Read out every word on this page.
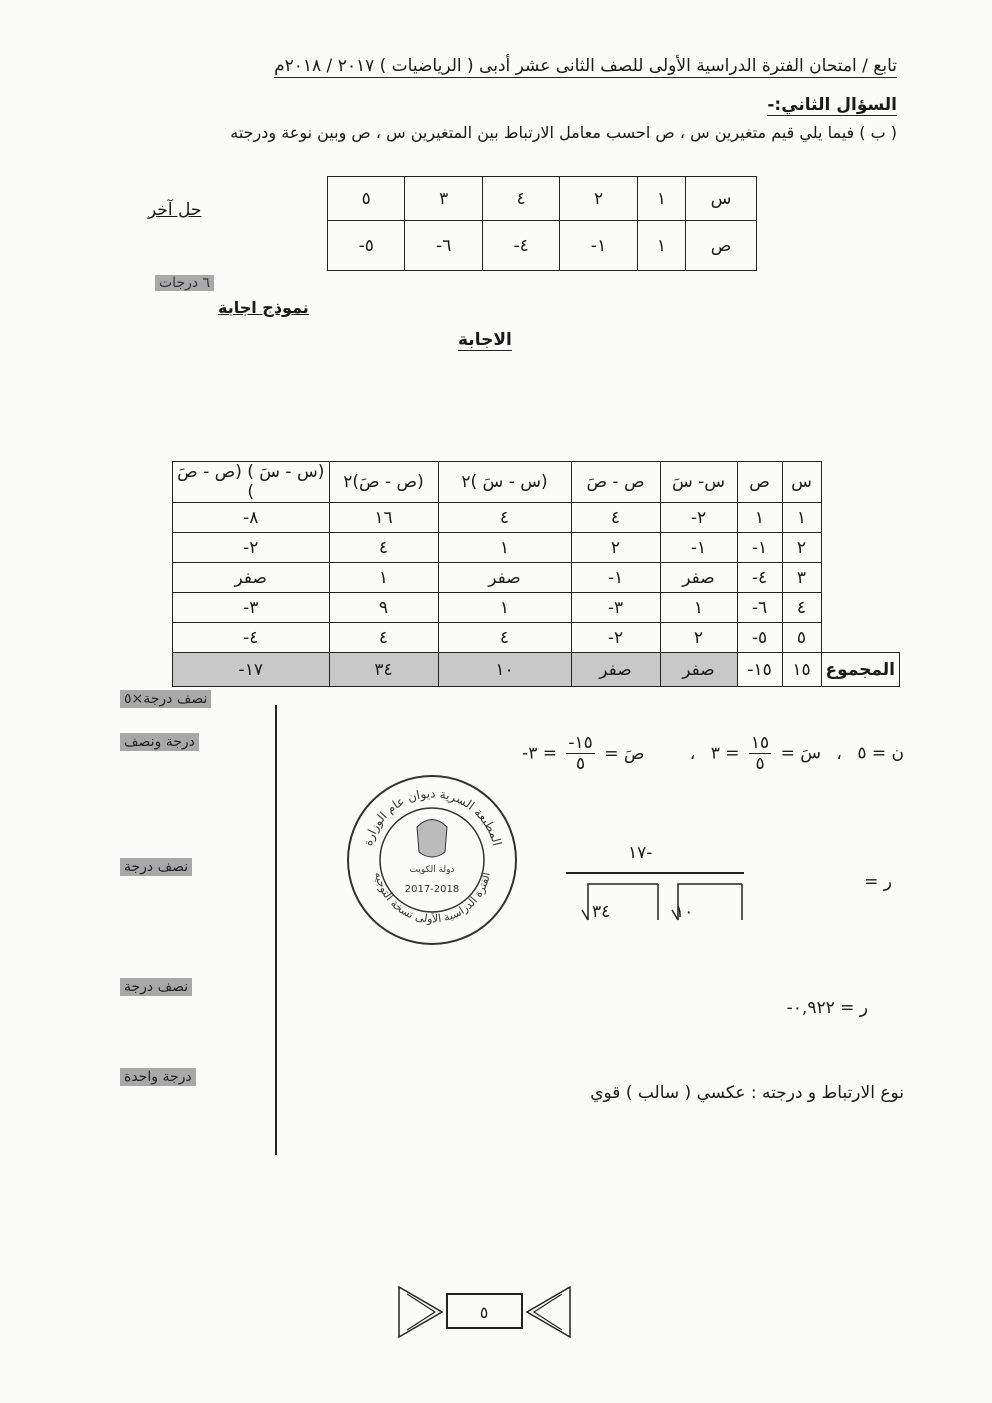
تابع / امتحان الفترة الدراسية الأولى للصف الثانى عشر أدبى ( الرياضيات ) ٢٠١٧ / ٢٠١٨م
السؤال الثاني:-
( ب ) فيما يلي قيم متغيرين س ، ص احسب معامل الارتباط بين المتغيرين س ، ص وبين نوعة ودرجته
س	١	٢	٤	٣	٥
ص	١	١-	٤-	٦-	٥-
حل آخر
٦ درجات
نموذج اجابة
الاجابة
	س	ص	س- سَ	ص - صَ	(س - سَ )٢	(ص - صَ)٢	(س - سَ ) (ص - صَ )
	١	١	٢-	٤	٤	١٦	٨-
	٢	١-	١-	٢	١	٤	٢-
	٣	٤-	صفر	١-	صفر	١	صفر
	٤	٦-	١	٣-	١	٩	٣-
	٥	٥-	٢	٢-	٤	٤	٤-
المجموع	١٥	١٥-	صفر	صفر	١٠	٣٤	١٧-
نصف درجة×٥
درجة ونصف
نصف درجة
نصف درجة
درجة واحدة
ن = ٥ ، سَ =
$\frac{١٥}{٥}$
= ٣ ، صَ =
$\frac{١٥-}{٥}$
= ٣-
ر =
١٧-
٣٤	١٠
ر = ٠,٩٢٢-
نوع الارتباط و درجته : عكسي ( سالب ) قوي
المطبعة السرية ديوان عام الوزارة
الفترة الدراسية الأولى نسخة التوجيه
دولة الكويت
2017-2018
٥
